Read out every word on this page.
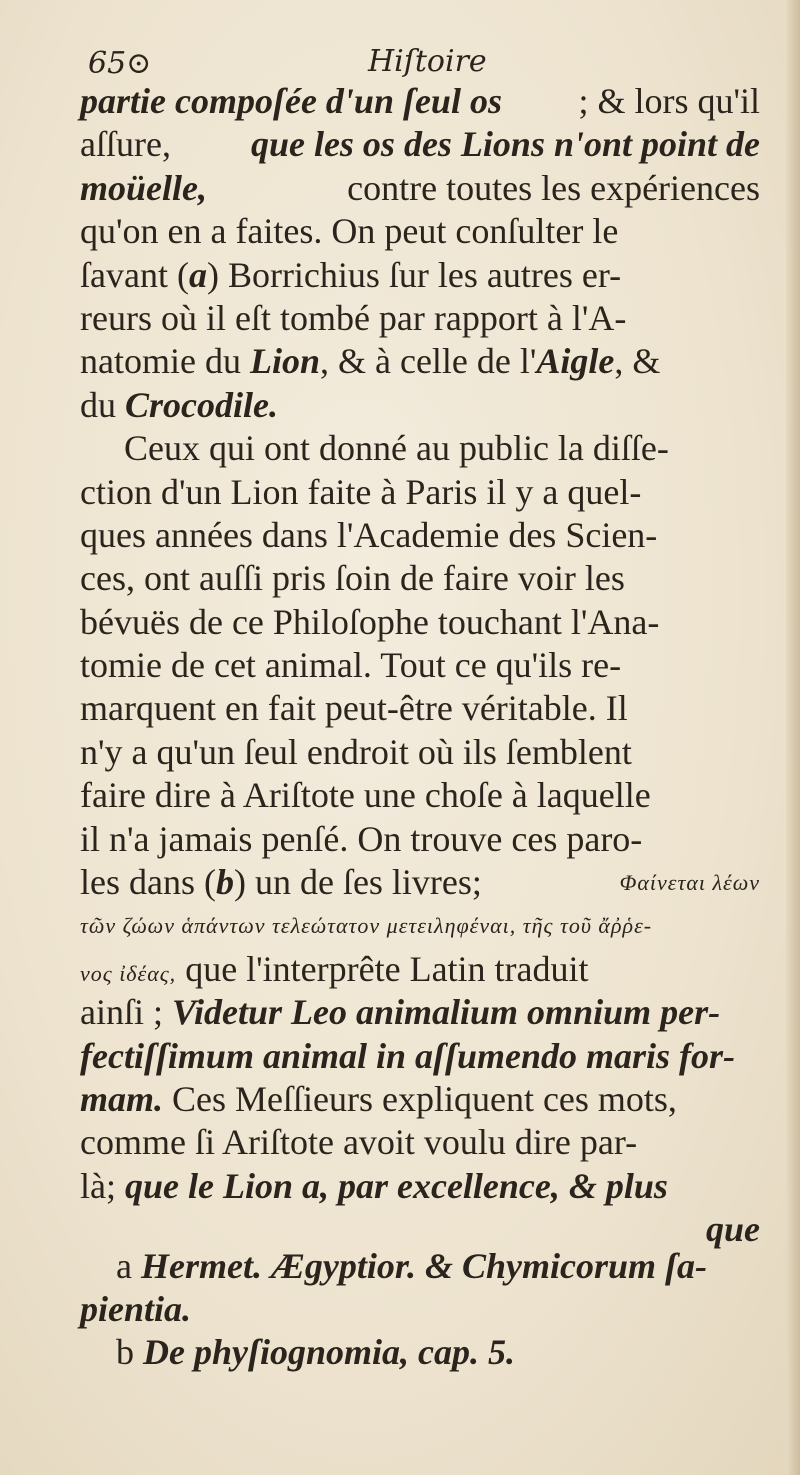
65⊙	Hiſtoire
partie compoſée d'un ſeul os ; & lors qu'il
aſſure, que les os des Lions n'ont point de
moüelle,	contre toutes les expériences
qu'on en a faites. On peut conſulter le
ſavant (a) Borrichius ſur les autres er-
reurs où il eſt tombé par rapport à l'A-
natomie du Lion, & à celle de l'Aigle, &
du Crocodile.
Ceux qui ont donné au public la diſſe-
ction d'un Lion faite à Paris il y a quel-
ques années dans l'Academie des Scien-
ces, ont auſſi pris ſoin de faire voir les
bévuës de ce Philoſophe touchant l'Ana-
tomie de cet animal. Tout ce qu'ils re-
marquent en fait peut-être véritable. Il
n'y a qu'un ſeul endroit où ils ſemblent
faire dire à Ariſtote une choſe à laquelle
il n'a jamais penſé. On trouve ces paro-
les dans (b) un de ſes livres;	Φαίνεται λέων
τῶν ζώων ἁπάντων τελεώτατον μετειληφέναι, τῆς τοῦ ἄῤῥε-
νος ἰδέας, que l'interprête Latin traduit
ainſi ; Videtur Leo animalium omnium per-
fectiſſimum animal in aſſumendo maris for-
mam. Ces Meſſieurs expliquent ces mots,
comme ſi Ariſtote avoit voulu dire par-
là; que le Lion a, par excellence, & plus
que
a Hermet. Ægyptior. & Chymicorum ſa-
pientia.
b De phyſiognomia, cap. 5.
